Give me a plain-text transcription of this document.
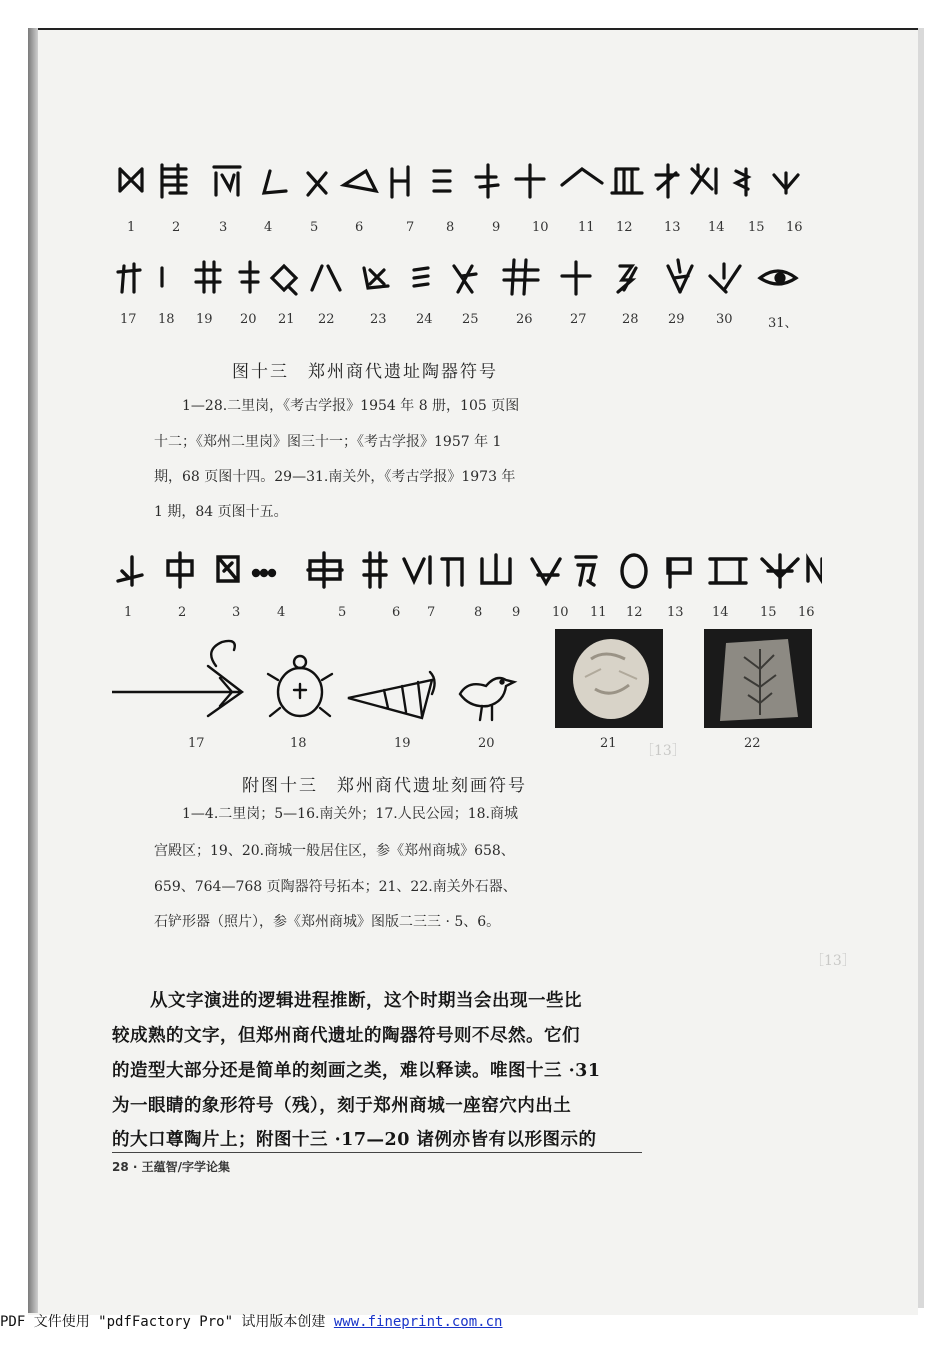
［13］
［13］
1	2	3	4	5	6	7 8	9 10 11 12 13 14 15 16
17 18 19 20 21 22	23 24 25	26	27	28 29 30	31、
图十三　郑州商代遗址陶器符号
1—28.二里岗，《考古学报》1954 年 8 册，105 页图
十二；《郑州二里岗》图三十一；《考古学报》1957 年 1
期，68 页图十四。29—31.南关外，《考古学报》1973 年
1 期，84 页图十五。
1	2	3	4	5	6 7	8 9 10 11 12 13 14 15 16
17	18	19	20	21	22
附图十三　郑州商代遗址刻画符号
1—4.二里岗；5—16.南关外；17.人民公园；18.商城
宫殿区；19、20.商城一般居住区，参《郑州商城》658、
659、764—768 页陶器符号拓本；21、22.南关外石器、
石铲形器（照片），参《郑州商城》图版二三三 · 5、6。
从文字演进的逻辑进程推断，这个时期当会出现一些比
较成熟的文字，但郑州商代遗址的陶器符号则不尽然。它们
的造型大部分还是简单的刻画之类，难以释读。唯图十三 ·31
为一眼睛的象形符号（残），刻于郑州商城一座窑穴内出土
的大口尊陶片上；附图十三 ·17—20 诸例亦皆有以形图示的
28 · 王蕴智/字学论集
PDF 文件使用 "pdfFactory Pro" 试用版本创建 www.fineprint.com.cn
